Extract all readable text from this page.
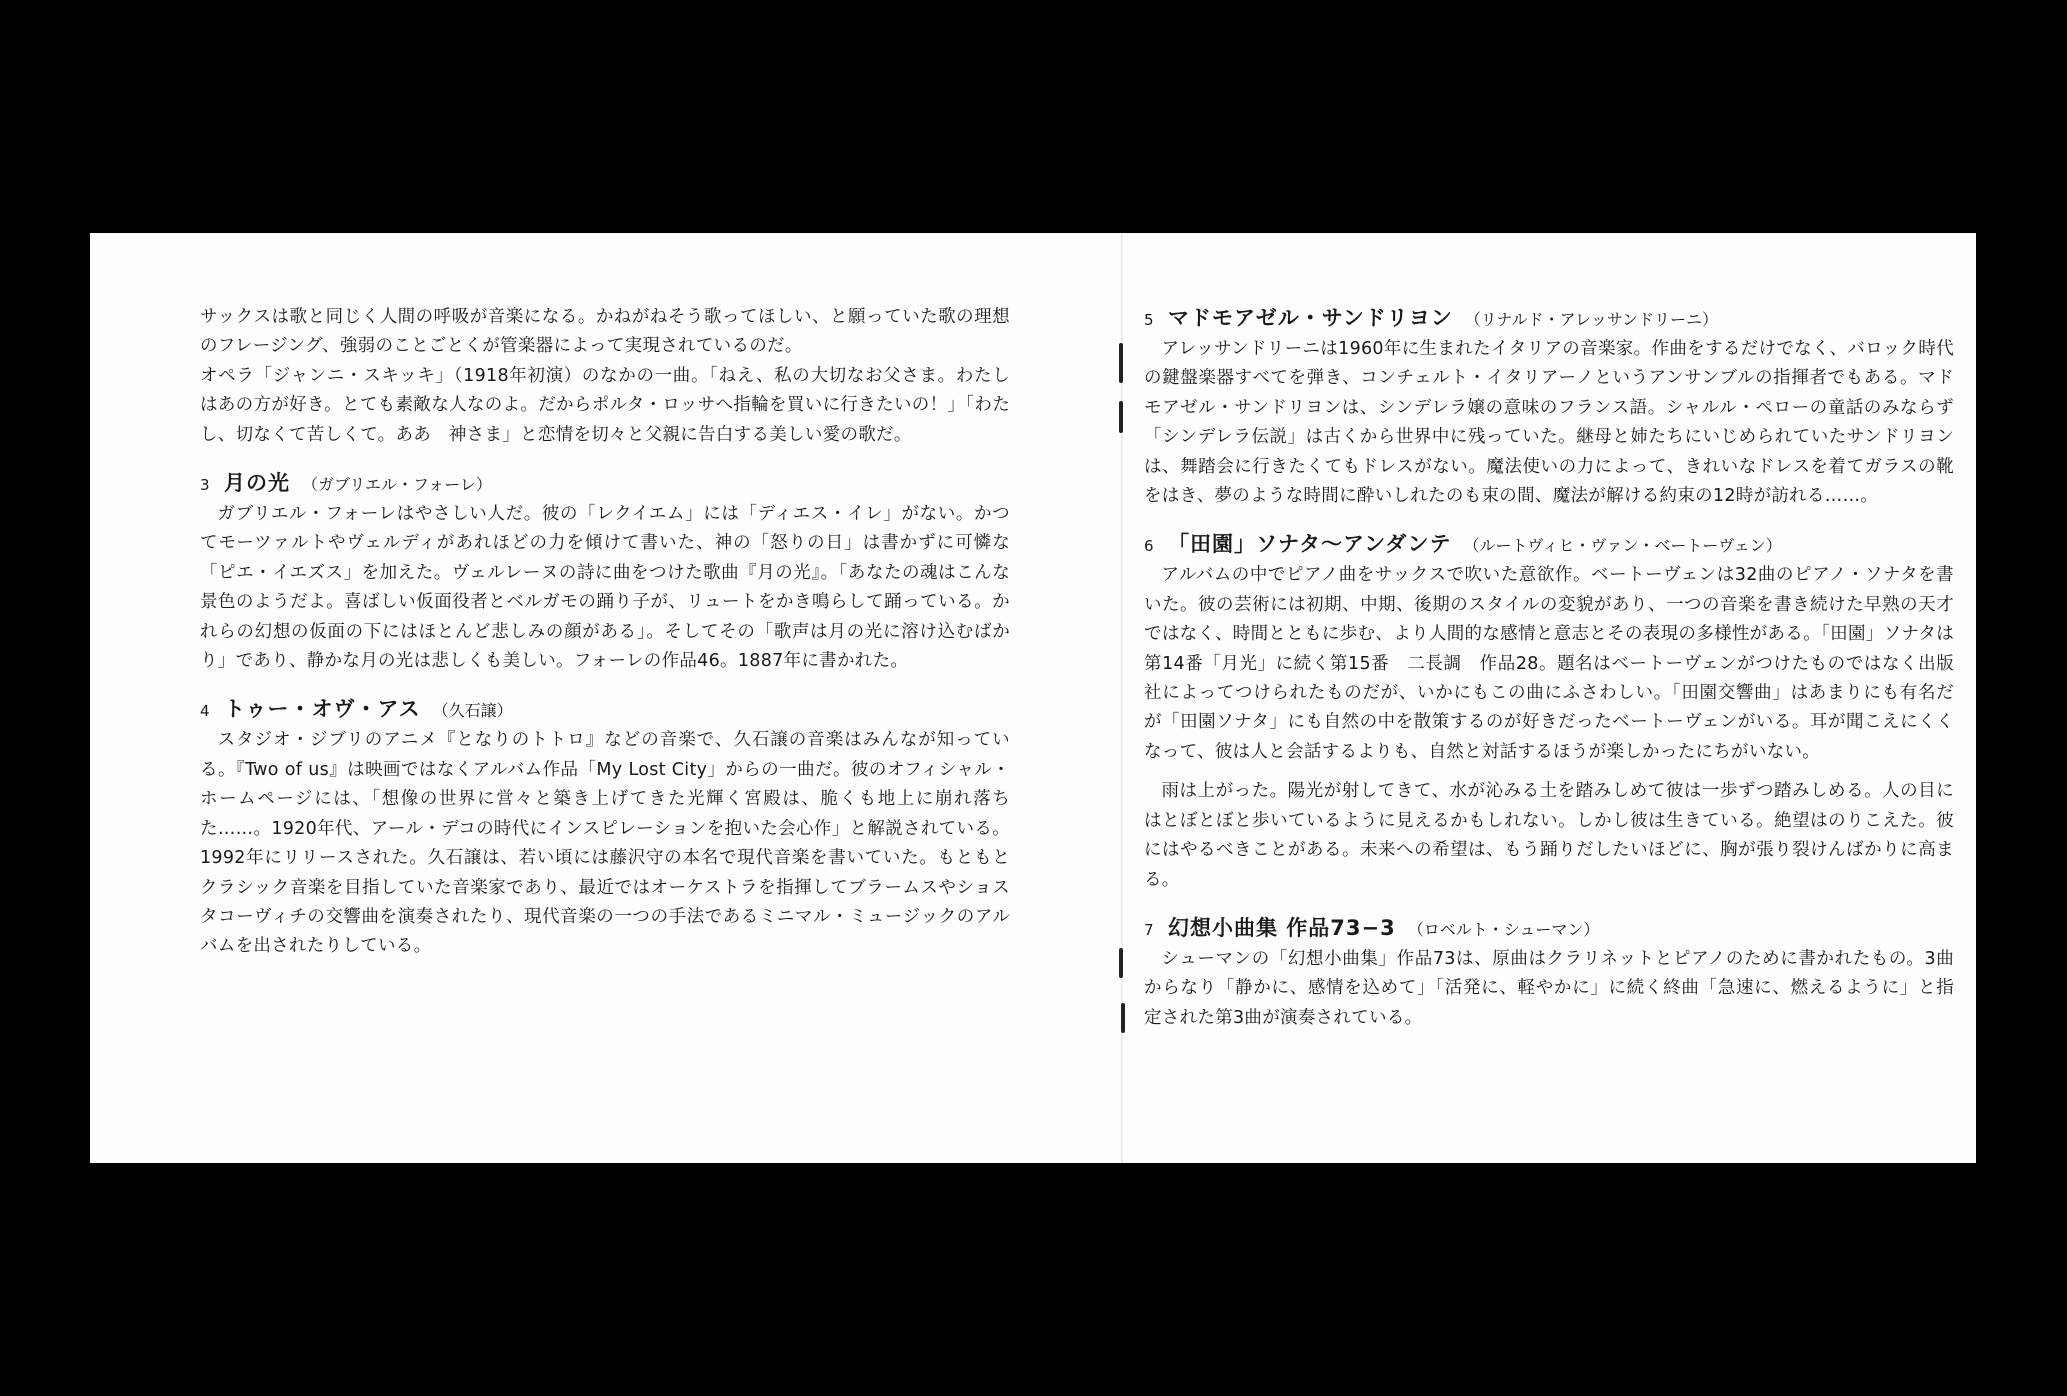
サックスは歌と同じく人間の呼吸が音楽になる。かねがねそう歌ってほしい、と願っていた歌の理想のフレージング、強弱のことごとくが管楽器によって実現されているのだ。
オペラ「ジャンニ・スキッキ」（1918年初演）のなかの一曲。「ねえ、私の大切なお父さま。わたしはあの方が好き。とても素敵な人なのよ。だからポルタ・ロッサへ指輪を買いに行きたいの！」「わたし、切なくて苦しくて。ああ　神さま」と恋情を切々と父親に告白する美しい愛の歌だ。

3 月の光 （ガブリエル・フォーレ）

ガブリエル・フォーレはやさしい人だ。彼の「レクイエム」には「ディエス・イレ」がない。かつてモーツァルトやヴェルディがあれほどの力を傾けて書いた、神の「怒りの日」は書かずに可憐な「ピエ・イエズス」を加えた。ヴェルレーヌの詩に曲をつけた歌曲『月の光』。「あなたの魂はこんな景色のようだよ。喜ばしい仮面役者とベルガモの踊り子が、リュートをかき鳴らして踊っている。かれらの幻想の仮面の下にはほとんど悲しみの顔がある」。そしてその「歌声は月の光に溶け込むばかり」であり、静かな月の光は悲しくも美しい。フォーレの作品46。1887年に書かれた。

4 トゥー・オヴ・アス （久石譲）

スタジオ・ジブリのアニメ『となりのトトロ』などの音楽で、久石譲の音楽はみんなが知っている。『Two of us』は映画ではなくアルバム作品「My Lost City」からの一曲だ。彼のオフィシャル・ホームページには、「想像の世界に営々と築き上げてきた光輝く宮殿は、脆くも地上に崩れ落ちた……。1920年代、アール・デコの時代にインスピレーションを抱いた会心作」と解説されている。1992年にリリースされた。久石譲は、若い頃には藤沢守の本名で現代音楽を書いていた。もともとクラシック音楽を目指していた音楽家であり、最近ではオーケストラを指揮してブラームスやショスタコーヴィチの交響曲を演奏されたり、現代音楽の一つの手法であるミニマル・ミュージックのアルバムを出されたりしている。

5 マドモアゼル・サンドリヨン （リナルド・アレッサンドリーニ）

アレッサンドリーニは1960年に生まれたイタリアの音楽家。作曲をするだけでなく、バロック時代の鍵盤楽器すべてを弾き、コンチェルト・イタリアーノというアンサンブルの指揮者でもある。マドモアゼル・サンドリヨンは、シンデレラ嬢の意味のフランス語。シャルル・ペローの童話のみならず「シンデレラ伝説」は古くから世界中に残っていた。継母と姉たちにいじめられていたサンドリヨンは、舞踏会に行きたくてもドレスがない。魔法使いの力によって、きれいなドレスを着てガラスの靴をはき、夢のような時間に酔いしれたのも束の間、魔法が解ける約束の12時が訪れる……。

6 「田園」ソナタ〜アンダンテ （ルートヴィヒ・ヴァン・ベートーヴェン）

アルバムの中でピアノ曲をサックスで吹いた意欲作。ベートーヴェンは32曲のピアノ・ソナタを書いた。彼の芸術には初期、中期、後期のスタイルの変貌があり、一つの音楽を書き続けた早熟の天才ではなく、時間とともに歩む、より人間的な感情と意志とその表現の多様性がある。「田園」ソナタは第14番「月光」に続く第15番　二長調　作品28。題名はベートーヴェンがつけたものではなく出版社によってつけられたものだが、いかにもこの曲にふさわしい。「田園交響曲」はあまりにも有名だが「田園ソナタ」にも自然の中を散策するのが好きだったベートーヴェンがいる。耳が聞こえにくくなって、彼は人と会話するよりも、自然と対話するほうが楽しかったにちがいない。

雨は上がった。陽光が射してきて、水が沁みる土を踏みしめて彼は一歩ずつ踏みしめる。人の目にはとぼとぼと歩いているように見えるかもしれない。しかし彼は生きている。絶望はのりこえた。彼にはやるべきことがある。未来への希望は、もう踊りだしたいほどに、胸が張り裂けんばかりに高まる。

7 幻想小曲集 作品73−3 （ロベルト・シューマン）

シューマンの「幻想小曲集」作品73は、原曲はクラリネットとピアノのために書かれたもの。3曲からなり「静かに、感情を込めて」「活発に、軽やかに」に続く終曲「急速に、燃えるように」と指定された第3曲が演奏されている。
